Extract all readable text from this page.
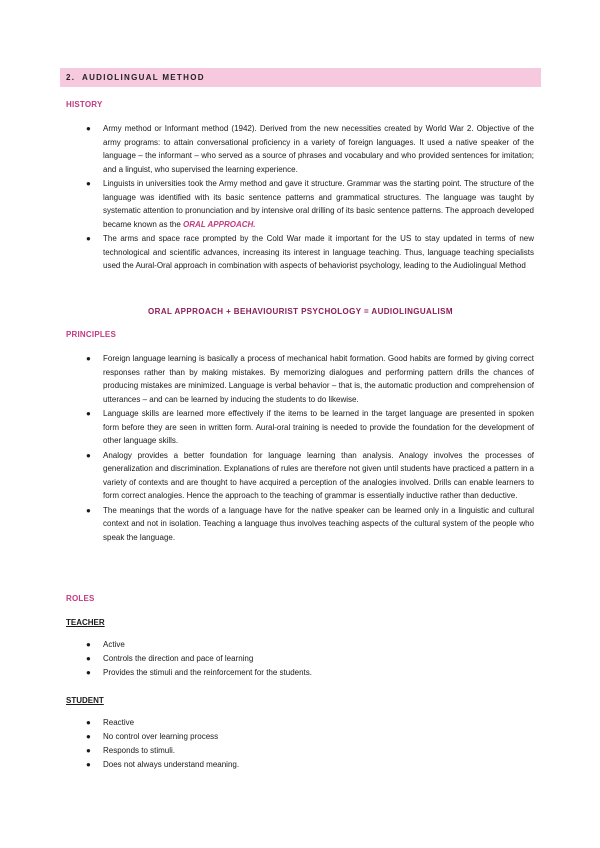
2. AUDIOLINGUAL METHOD
HISTORY
● Army method or Informant method (1942). Derived from the new necessities created by World War 2. Objective of the army programs: to attain conversational proficiency in a variety of foreign languages. It used a native speaker of the language – the informant – who served as a source of phrases and vocabulary and who provided sentences for imitation; and a linguist, who supervised the learning experience.
● Linguists in universities took the Army method and gave it structure. Grammar was the starting point. The structure of the language was identified with its basic sentence patterns and grammatical structures. The language was taught by systematic attention to pronunciation and by intensive oral drilling of its basic sentence patterns. The approach developed became known as the ORAL APPROACH.
● The arms and space race prompted by the Cold War made it important for the US to stay updated in terms of new technological and scientific advances, increasing its interest in language teaching. Thus, language teaching specialists used the Aural-Oral approach in combination with aspects of behaviorist psychology, leading to the Audiolingual Method
ORAL APPROACH + BEHAVIOURIST PSYCHOLOGY = AUDIOLINGUALISM
PRINCIPLES
● Foreign language learning is basically a process of mechanical habit formation. Good habits are formed by giving correct responses rather than by making mistakes. By memorizing dialogues and performing pattern drills the chances of producing mistakes are minimized. Language is verbal behavior – that is, the automatic production and comprehension of utterances – and can be learned by inducing the students to do likewise.
● Language skills are learned more effectively if the items to be learned in the target language are presented in spoken form before they are seen in written form. Aural-oral training is needed to provide the foundation for the development of other language skills.
● Analogy provides a better foundation for language learning than analysis. Analogy involves the processes of generalization and discrimination. Explanations of rules are therefore not given until students have practiced a pattern in a variety of contexts and are thought to have acquired a perception of the analogies involved. Drills can enable learners to form correct analogies. Hence the approach to the teaching of grammar is essentially inductive rather than deductive.
● The meanings that the words of a language have for the native speaker can be learned only in a linguistic and cultural context and not in isolation. Teaching a language thus involves teaching aspects of the cultural system of the people who speak the language.
ROLES
TEACHER
● Active
● Controls the direction and pace of learning
● Provides the stimuli and the reinforcement for the students.
STUDENT
● Reactive
● No control over learning process
● Responds to stimuli.
● Does not always understand meaning.
